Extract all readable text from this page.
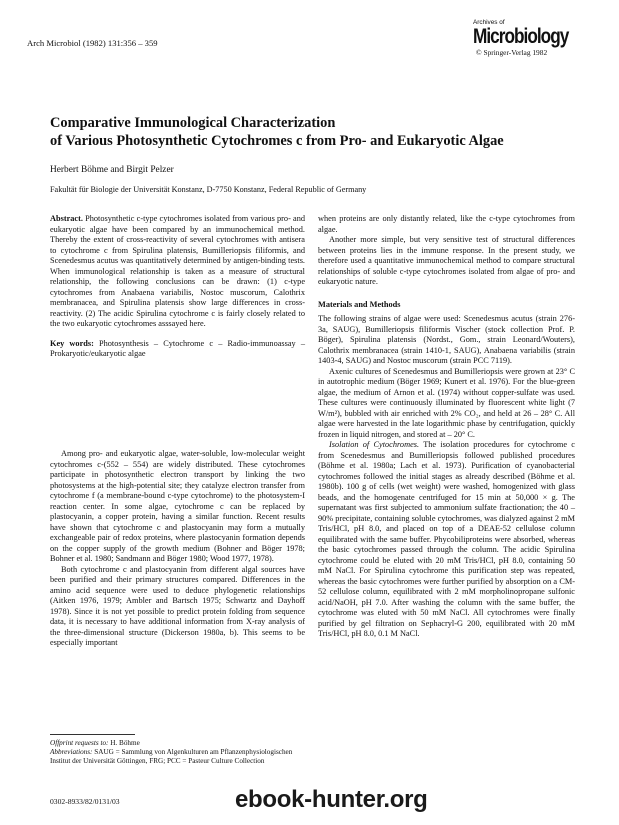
Arch Microbiol (1982) 131:356 – 359
Archives of
Microbiology
© Springer-Verlag 1982
Comparative Immunological Characterization
of Various Photosynthetic Cytochromes c from Pro- and Eukaryotic Algae
Herbert Böhme and Birgit Pelzer
Fakultät für Biologie der Universität Konstanz, D-7750 Konstanz, Federal Republic of Germany

Abstract. Photosynthetic c-type cytochromes isolated from various pro- and eukaryotic algae have been compared by an immunochemical method. Thereby the extent of cross-reactivity of several cytochromes with antisera to cytochrome c from Spirulina platensis, Bumilleriopsis filiformis, and Scenedesmus acutus was quantitatively determined by antigen-binding tests. When immunological relationship is taken as a measure of structural relationship, the following conclusions can be drawn: (1) c-type cytochromes from Anabaena variabilis, Nostoc muscorum, Calothrix membranacea, and Spirulina platensis show large differences in cross-reactivity. (2) The acidic Spirulina cytochrome c is fairly closely related to the two eukaryotic cytochromes asssayed here.

Key words: Photosynthesis – Cytochrome c – Radio-immunoassay – Prokaryotic/eukaryotic algae

Among pro- and eukaryotic algae, water-soluble, low-molecular weight cytochromes c-(552 – 554) are widely distributed. These cytochromes participate in photosynthetic electron transport by linking the two photosystems at the high-potential site; they catalyze electron transfer from cytochrome f (a membrane-bound c-type cytochrome) to the photosystem-I reaction center. In some algae, cytochrome c can be replaced by plastocyanin, a copper protein, having a similar function. Recent results have shown that cytochrome c and plastocyanin may form a mutually exchangeable pair of redox proteins, where plastocyanin formation depends on the copper supply of the growth medium (Bohner and Böger 1978; Bohner et al. 1980; Sandmann and Böger 1980; Wood 1977, 1978).

Both cytochrome c and plastocyanin from different algal sources have been purified and their primary structures compared. Differences in the amino acid sequence were used to deduce phylogenetic relationships (Aitken 1976, 1979; Ambler and Bartsch 1975; Schwartz and Dayhoff 1978). Since it is not yet possible to predict protein folding from sequence data, it is necessary to have additional information from X-ray analysis of the three-dimensional structure (Dickerson 1980a, b). This seems to be especially important

when proteins are only distantly related, like the c-type cytochromes from algae.

Another more simple, but very sensitive test of structural differences between proteins lies in the immune response. In the present study, we therefore used a quantitative immunochemical method to compare structural relationships of soluble c-type cytochromes isolated from algae of pro- and eukaryotic nature.

Materials and Methods

The following strains of algae were used: Scenedesmus acutus (strain 276-3a, SAUG), Bumilleriopsis filiformis Vischer (stock collection Prof. P. Böger), Spirulina platensis (Nordst., Gom., strain Leonard/Wouters), Calothrix membranacea (strain 1410-1, SAUG), Anabaena variabilis (strain 1403-4, SAUG) and Nostoc muscorum (strain PCC 7119).

Axenic cultures of Scenedesmus and Bumilleriopsis were grown at 23° C in autotrophic medium (Böger 1969; Kunert et al. 1976). For the blue-green algae, the medium of Arnon et al. (1974) without copper-sulfate was used. These cultures were continuously illuminated by fluorescent white light (7 W/m²), bubbled with air enriched with 2% CO₂, and held at 26 – 28° C. All algae were harvested in the late logarithmic phase by centrifugation, quickly frozen in liquid nitrogen, and stored at – 20° C.

Isolation of Cytochromes. The isolation procedures for cytochrome c from Scenedesmus and Bumilleriopsis followed published procedures (Böhme et al. 1980a; Lach et al. 1973). Purification of cyanobacterial cytochromes followed the initial stages as already described (Böhme et al. 1980b). 100 g of cells (wet weight) were washed, homogenized with glass beads, and the homogenate centrifuged for 15 min at 50,000 × g. The supernatant was first subjected to ammonium sulfate fractionation; the 40 – 90% precipitate, containing soluble cytochromes, was dialyzed against 2 mM Tris/HCl, pH 8.0, and placed on top of a DEAE-52 cellulose column equilibrated with the same buffer. Phycobiliproteins were absorbed, whereas the basic cytochromes passed through the column. The acidic Spirulina cytochrome could be eluted with 20 mM Tris/HCl, pH 8.0, containing 50 mM NaCl. For Spirulina cytochrome this purification step was repeated, whereas the basic cytochromes were further purified by absorption on a CM-52 cellulose column, equilibrated with 2 mM morpholinopropane sulfonic acid/NaOH, pH 7.0. After washing the column with the same buffer, the cytochrome was eluted with 50 mM NaCl. All cytochromes were finally purified by gel filtration on Sephacryl-G 200, equilibrated with 20 mM Tris/HCl, pH 8.0, 0.1 M NaCl.

Offprint requests to: H. Böhme

Abbreviations: SAUG = Sammlung von Algenkulturen am Pflanzenphysiologischen Institut der Universität Göttingen, FRG; PCC = Pasteur Culture Collection

0302-8933/82/0131/03	ebook-hunter.org
